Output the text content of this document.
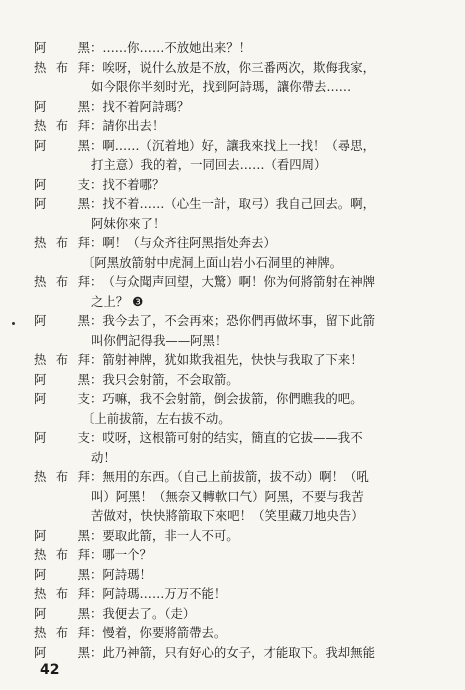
阿　黑 ： ……你……不放她出来？！
热布拜 ： 唉呀，说什么放是不放，你三番两次，欺侮我家，
如今限你半刻时光，找到阿詩瑪，讓你帶去……
阿　黑 ： 找不着阿詩瑪？
热布拜 ： 請你出去！
阿　黑 ： 啊……（沉着地）好，讓我來找上一找！（尋思，
打主意）我的着，一同回去……（看四周）
阿　支 ： 找不着哪？
阿　黑 ： 找不着……（心生一計，取弓）我自己回去。啊，
阿妹你來了！
热布拜 ： 啊！（与众齐往阿黑指处奔去）
〔阿黑放箭射中虎洞上面山岩小石洞里的神牌。
热布拜 ： （与众聞声回望，大驚）啊！你为何將箭射在神牌
之上？ ❸
阿　黑 ： 我今去了，不会再來；恐你們再做坏事，留下此箭
叫你們記得我——阿黑！
热布拜 ： 箭射神牌，犹如欺我祖先，快快与我取了下来！
阿　黑 ： 我只会射箭，不会取箭。
阿　支 ： 巧嘛，我不会射箭，倒会拔箭，你們瞧我的吧。
〔上前拔箭，左右拔不动。
阿　支 ： 哎呀，这根箭可射的结实，簡直的它拔——我不
动！
热布拜 ： 無用的东西。（自己上前拔箭，拔不动）啊！（吼
叫）阿黑！（無奈又轉軟口气）阿黑，不要与我苦
苦做对，快快將箭取下來吧！（笑里藏刀地央告）
阿　黑 ： 要取此箭，非一人不可。
热布拜 ： 哪一个？
阿　黑 ： 阿詩瑪！
热布拜 ： 阿詩瑪……万万不能！
阿　黑 ： 我便去了。（走）
热布拜 ： 慢着，你要將箭帶去。
阿　黑 ： 此乃神箭，只有好心的女子，才能取下。我却無能
42
